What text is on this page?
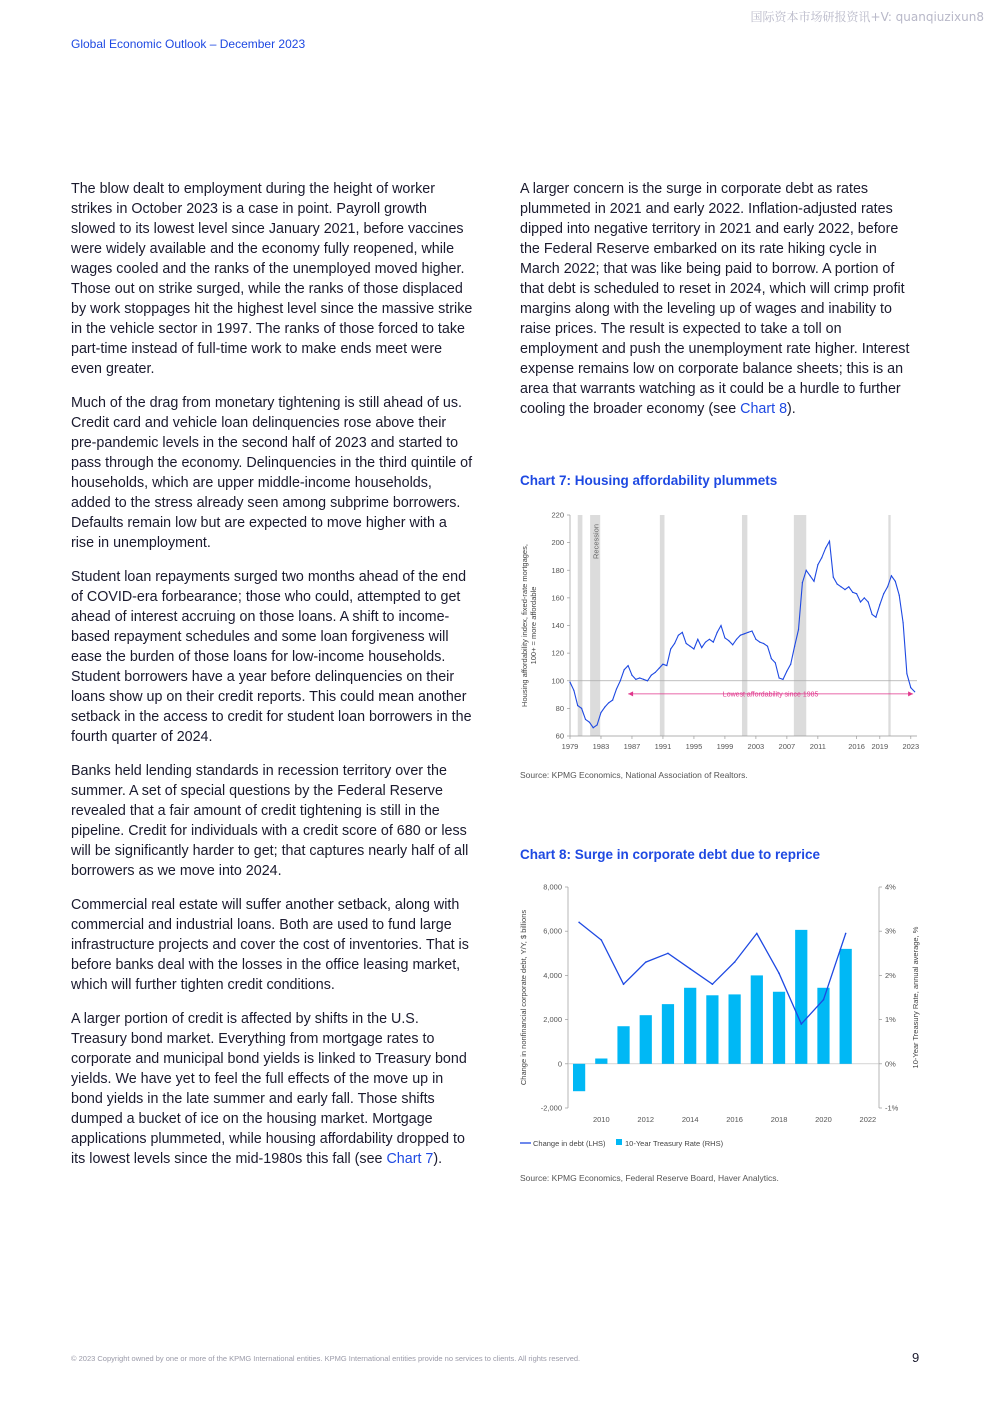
国际资本市场研报资讯+V: quanqiuzixun8
Global Economic Outlook – December 2023

The blow dealt to employment during the height of worker strikes in October 2023 is a case in point. Payroll growth slowed to its lowest level since January 2021, before vaccines were widely available and the economy fully reopened, while wages cooled and the ranks of the unemployed moved higher. Those out on strike surged, while the ranks of those displaced by work stoppages hit the highest level since the massive strike in the vehicle sector in 1997. The ranks of those forced to take part-time instead of full-time work to make ends meet were even greater.

Much of the drag from monetary tightening is still ahead of us. Credit card and vehicle loan delinquencies rose above their pre-pandemic levels in the second half of 2023 and started to pass through the economy. Delinquencies in the third quintile of households, which are upper middle-income households, added to the stress already seen among subprime borrowers. Defaults remain low but are expected to move higher with a rise in unemployment.

Student loan repayments surged two months ahead of the end of COVID-era forbearance; those who could, attempted to get ahead of interest accruing on those loans. A shift to income-based repayment schedules and some loan forgiveness will ease the burden of those loans for low-income households. Student borrowers have a year before delinquencies on their loans show up on their credit reports. This could mean another setback in the access to credit for student loan borrowers in the fourth quarter of 2024.

Banks held lending standards in recession territory over the summer. A set of special questions by the Federal Reserve revealed that a fair amount of credit tightening is still in the pipeline. Credit for individuals with a credit score of 680 or less will be significantly harder to get; that captures nearly half of all borrowers as we move into 2024.

Commercial real estate will suffer another setback, along with commercial and industrial loans. Both are used to fund large infrastructure projects and cover the cost of inventories. That is before banks deal with the losses in the office leasing market, which will further tighten credit conditions.

A larger portion of credit is affected by shifts in the U.S. Treasury bond market. Everything from mortgage rates to corporate and municipal bond yields is linked to Treasury bond yields. We have yet to feel the full effects of the move up in bond yields in the late summer and early fall. Those shifts dumped a bucket of ice on the housing market. Mortgage applications plummeted, while housing affordability dropped to its lowest levels since the mid-1980s this fall (see Chart 7).

A larger concern is the surge in corporate debt as rates plummeted in 2021 and early 2022. Inflation-adjusted rates dipped into negative territory in 2021 and early 2022, before the Federal Reserve embarked on its rate hiking cycle in March 2022; that was like being paid to borrow. A portion of that debt is scheduled to reset in 2024, which will crimp profit margins along with the leveling up of wages and inability to raise prices. The result is expected to take a toll on employment and push the unemployment rate higher. Interest expense remains low on corporate balance sheets; this is an area that warrants watching as it could be a hurdle to further cooling the broader economy (see Chart 8).

Chart 7: Housing affordability plummets
Recession
220
200
180
160
140
120
100
80
60
1979 1983 1987 1991 1995 1999 2003 2007 2011	2016 2019 2023
Housing affordability index, fixed-rate mortgages, 100+ = more affordable
Lowest affordability since 1985
Source: KPMG Economics, National Association of Realtors.
Chart 8: Surge in corporate debt due to reprice
8,000
6,000
4,000
2,000
0
-2,000
4%
3%
2%
1%
0%
-1%
2010	2012	2014	2016	2018	2020	2022
Change in nonfinancial corporate debt, Y/Y, $ billions	10-Year Treasury Rate, annual average, %
Change in debt (LHS)	10-Year Treasury Rate (RHS)
Source: KPMG Economics, Federal Reserve Board, Haver Analytics.
© 2023 Copyright owned by one or more of the KPMG International entities. KPMG International entities provide no services to clients. All rights reserved.	9
